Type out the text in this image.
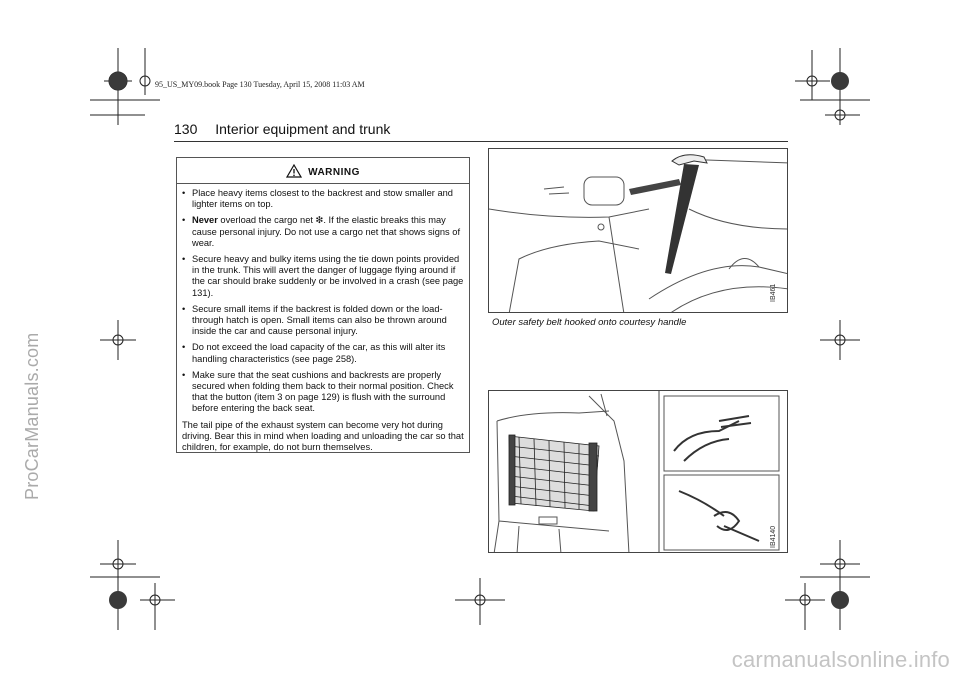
95_US_MY09.book Page 130 Tuesday, April 15, 2008 11:03 AM
ProCarManuals.com
130 Interior equipment and trunk
WARNING
• Place heavy items closest to the backrest and stow smaller and lighter items on top.
• Never overload the cargo net ❇. If the elastic breaks this may cause personal injury. Do not use a cargo net that shows signs of wear.
• Secure heavy and bulky items using the tie down points provided in the trunk. This will avert the danger of luggage flying around if the car should brake suddenly or be involved in a crash (see page 131).
• Secure small items if the backrest is folded down or the load-through hatch is open. Small items can also be thrown around inside the car and cause personal injury.
• Do not exceed the load capacity of the car, as this will alter its handling characteristics (see page 258).
• Make sure that the seat cushions and backrests are properly secured when folding them back to their normal position. Check that the button (item 3 on page 129) is flush with the surround before entering the back seat.

The tail pipe of the exhaust system can become very hot during driving. Bear this in mind when loading and unloading the car so that children, for example, do not burn themselves.

IB461
Outer safety belt hooked onto courtesy handle
IB4140
carmanualsonline.info
